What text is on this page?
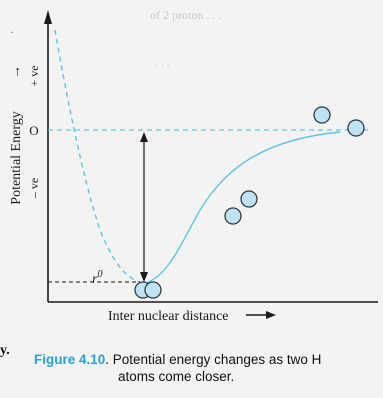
of 2 proton . . .
. . .
$r^0$
Potential Energy
→ + ve
O
– ve
Inter nuclear distance
·
y.
Figure 4.10. Potential energy changes as two H
atoms come closer.
